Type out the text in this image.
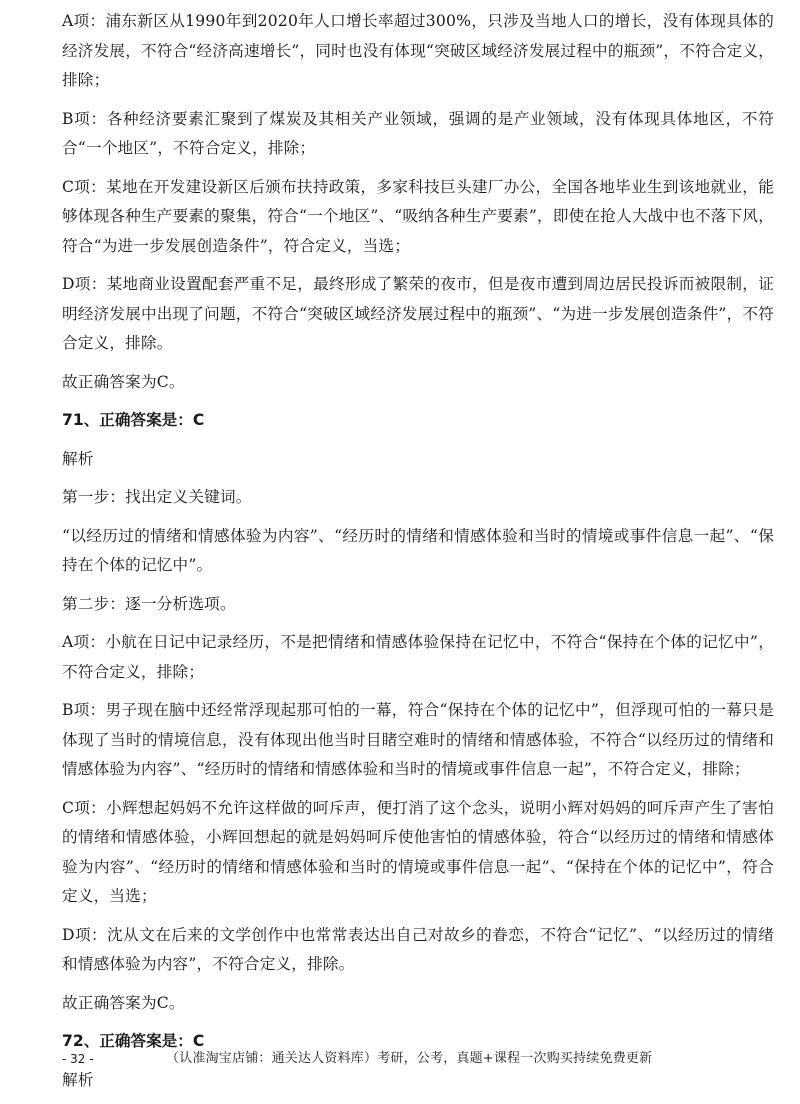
A项：浦东新区从1990年到2020年人口增长率超过300%，只涉及当地人口的增长，没有体现具体的经济发展，不符合“经济高速增长”，同时也没有体现“突破区域经济发展过程中的瓶颈”，不符合定义，排除；

B项：各种经济要素汇聚到了煤炭及其相关产业领域，强调的是产业领域，没有体现具体地区，不符合“一个地区”，不符合定义，排除；

C项：某地在开发建设新区后颁布扶持政策，多家科技巨头建厂办公，全国各地毕业生到该地就业，能够体现各种生产要素的聚集，符合“一个地区”、“吸纳各种生产要素”，即使在抢人大战中也不落下风，符合“为进一步发展创造条件”，符合定义，当选；

D项：某地商业设置配套严重不足，最终形成了繁荣的夜市，但是夜市遭到周边居民投诉而被限制，证明经济发展中出现了问题，不符合“突破区域经济发展过程中的瓶颈”、“为进一步发展创造条件”，不符合定义，排除。

故正确答案为C。

71、正确答案是：C

解析

第一步：找出定义关键词。

“以经历过的情绪和情感体验为内容”、“经历时的情绪和情感体验和当时的情境或事件信息一起”、“保持在个体的记忆中”。

第二步：逐一分析选项。

A项：小航在日记中记录经历，不是把情绪和情感体验保持在记忆中，不符合“保持在个体的记忆中”，不符合定义，排除；

B项：男子现在脑中还经常浮现起那可怕的一幕，符合“保持在个体的记忆中”，但浮现可怕的一幕只是体现了当时的情境信息，没有体现出他当时目睹空难时的情绪和情感体验，不符合“以经历过的情绪和情感体验为内容”、“经历时的情绪和情感体验和当时的情境或事件信息一起”，不符合定义，排除；

C项：小辉想起妈妈不允许这样做的呵斥声，便打消了这个念头，说明小辉对妈妈的呵斥声产生了害怕的情绪和情感体验，小辉回想起的就是妈妈呵斥使他害怕的情感体验，符合“以经历过的情绪和情感体验为内容”、“经历时的情绪和情感体验和当时的情境或事件信息一起”、“保持在个体的记忆中”，符合定义，当选；

D项：沈从文在后来的文学创作中也常常表达出自己对故乡的眷恋，不符合“记忆”、“以经历过的情绪和情感体验为内容”，不符合定义，排除。

故正确答案为C。

72、正确答案是：C

解析

- 32 -	（认准淘宝店铺：通关达人资料库）考研，公考，真题+课程一次购买持续免费更新
